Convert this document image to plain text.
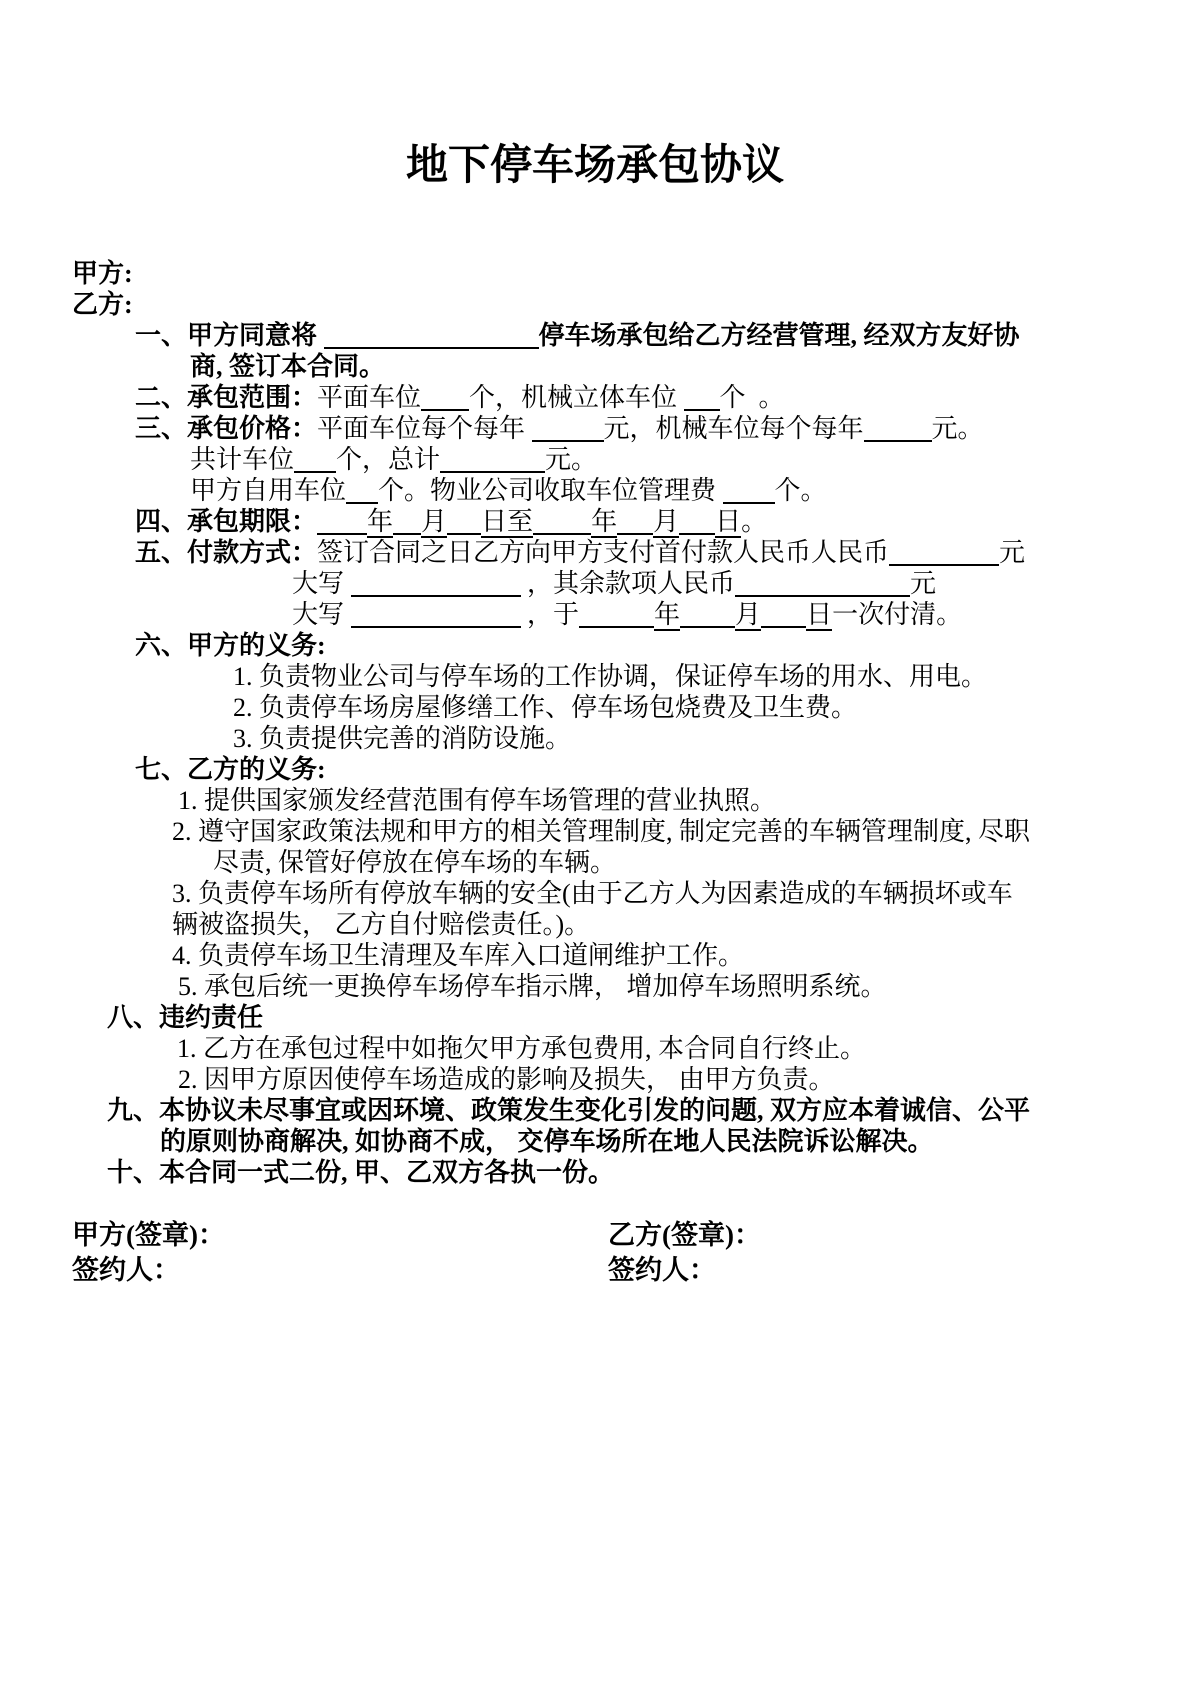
地下停车场承包协议
甲方:
乙方:
一、甲方同意将	停车场承包给乙方经营管理, 经双方友好协
商, 签订本合同。
二、承包范围：平面车位 个，机械立体车位 个  。
三、承包价格：平面车位每个每年	元，机械车位每个每年	元。
共计车位 个，总计	元。
甲方自用车位 个。物业公司收取车位管理费 个。
四、承包期限： 年 月 日至 年 月 日。
五、付款方式：签订合同之日乙方向甲方支付首付款人民币人民币	元
大写	，其余款项人民币	元
大写	，于	年 月 日一次付清。
六、甲方的义务:
1. 负责物业公司与停车场的工作协调，保证停车场的用水、用电。
2. 负责停车场房屋修缮工作、停车场包烧费及卫生费。
3. 负责提供完善的消防设施。
七、乙方的义务:
1. 提供国家颁发经营范围有停车场管理的营业执照。
2. 遵守国家政策法规和甲方的相关管理制度, 制定完善的车辆管理制度, 尽职
尽责, 保管好停放在停车场的车辆。
3. 负责停车场所有停放车辆的安全(由于乙方人为因素造成的车辆损坏或车
辆被盗损失， 乙方自付赔偿责任。)。
4. 负责停车场卫生清理及车库入口道闸维护工作。
5. 承包后统一更换停车场停车指示牌， 增加停车场照明系统。
八、违约责任
1. 乙方在承包过程中如拖欠甲方承包费用, 本合同自行终止。
2. 因甲方原因使停车场造成的影响及损失， 由甲方负责。
九、本协议未尽事宜或因环境、政策发生变化引发的问题, 双方应本着诚信、公平
的原则协商解决, 如协商不成， 交停车场所在地人民法院诉讼解决。
十、本合同一式二份, 甲、乙双方各执一份。
甲方(签章)：	乙方(签章)：
签约人：	签约人：
